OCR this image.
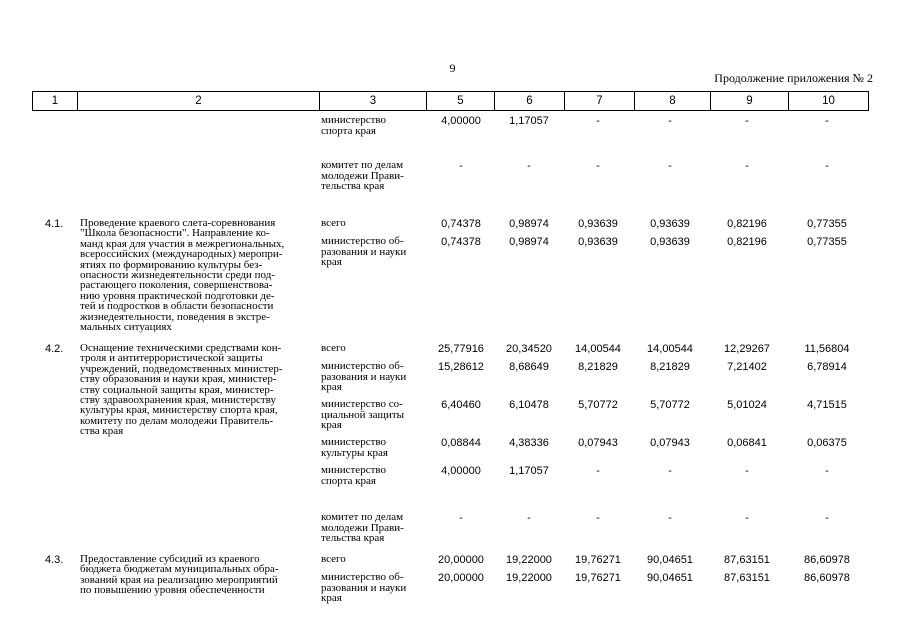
9
Продолжение приложения № 2
1	2	3	5	6	7	8	9	10
министерство
спорта края
4,00000	1,17057	-	-	-	-
комитет по делам
молодежи Прави-
тельства края
-	-	-	-	-	-
4.1.	Проведение краевого слета-соревнования
"Школа безопасности". Направление ко-
манд края для участия в межрегиональных,
всероссийских (международных) меропри-
ятиях по формированию культуры без-
опасности жизнедеятельности среди под-
растающего поколения, совершенствова-
нию уровня практической подготовки де-
тей и подростков в области безопасности
жизнедеятельности, поведения в экстре-
мальных ситуациях
всего	0,74378	0,98974	0,93639	0,93639	0,82196	0,77355
министерство об-
разования и науки
края
0,74378	0,98974	0,93639	0,93639	0,82196	0,77355
4.2.	Оснащение техническими средствами кон-
троля и антитеррористической защиты
учреждений, подведомственных министер-
ству образования и науки края, министер-
ству социальной защиты края, министер-
ству здравоохранения края, министерству
культуры края, министерству спорта края,
комитету по делам молодежи Правитель-
ства края
всего	25,77916	20,34520	14,00544	14,00544	12,29267	11,56804
министерство об-
разования и науки
края
15,28612	8,68649	8,21829	8,21829	7,21402	6,78914
министерство со-
циальной защиты
края
6,40460	6,10478	5,70772	5,70772	5,01024	4,71515
министерство
культуры края
0,08844	4,38336	0,07943	0,07943	0,06841	0,06375
министерство
спорта края
4,00000	1,17057	-	-	-	-
комитет по делам
молодежи Прави-
тельства края
-	-	-	-	-	-
4.3.	Предоставление субсидий из краевого
бюджета бюджетам муниципальных обра-
зований края на реализацию мероприятий
по повышению уровня обеспеченности
всего	20,00000	19,22000	19,76271	90,04651	87,63151	86,60978
министерство об-
разования и науки
края
20,00000	19,22000	19,76271	90,04651	87,63151	86,60978
